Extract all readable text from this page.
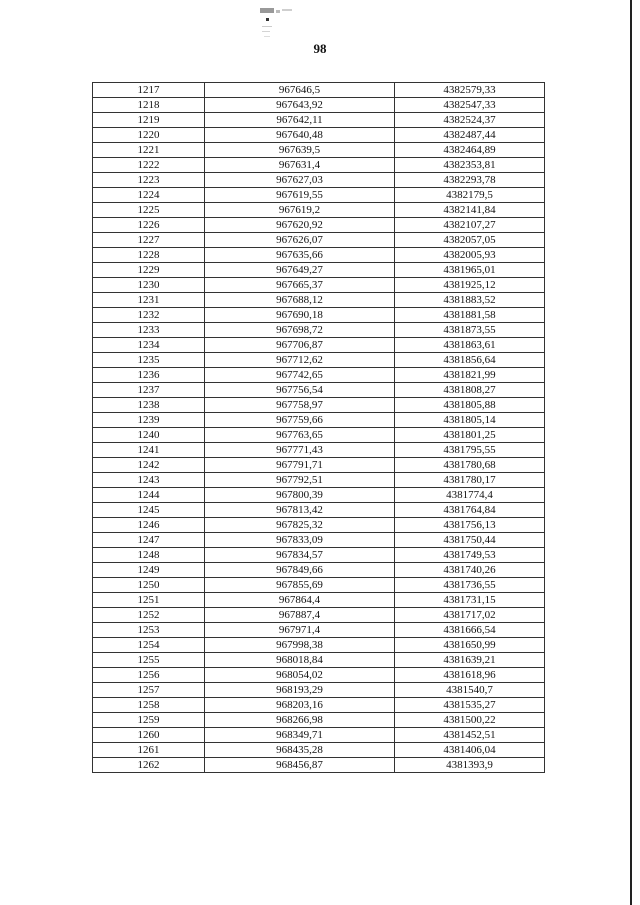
98
1217	967646,5	4382579,33
1218	967643,92	4382547,33
1219	967642,11	4382524,37
1220	967640,48	4382487,44
1221	967639,5	4382464,89
1222	967631,4	4382353,81
1223	967627,03	4382293,78
1224	967619,55	4382179,5
1225	967619,2	4382141,84
1226	967620,92	4382107,27
1227	967626,07	4382057,05
1228	967635,66	4382005,93
1229	967649,27	4381965,01
1230	967665,37	4381925,12
1231	967688,12	4381883,52
1232	967690,18	4381881,58
1233	967698,72	4381873,55
1234	967706,87	4381863,61
1235	967712,62	4381856,64
1236	967742,65	4381821,99
1237	967756,54	4381808,27
1238	967758,97	4381805,88
1239	967759,66	4381805,14
1240	967763,65	4381801,25
1241	967771,43	4381795,55
1242	967791,71	4381780,68
1243	967792,51	4381780,17
1244	967800,39	4381774,4
1245	967813,42	4381764,84
1246	967825,32	4381756,13
1247	967833,09	4381750,44
1248	967834,57	4381749,53
1249	967849,66	4381740,26
1250	967855,69	4381736,55
1251	967864,4	4381731,15
1252	967887,4	4381717,02
1253	967971,4	4381666,54
1254	967998,38	4381650,99
1255	968018,84	4381639,21
1256	968054,02	4381618,96
1257	968193,29	4381540,7
1258	968203,16	4381535,27
1259	968266,98	4381500,22
1260	968349,71	4381452,51
1261	968435,28	4381406,04
1262	968456,87	4381393,9
